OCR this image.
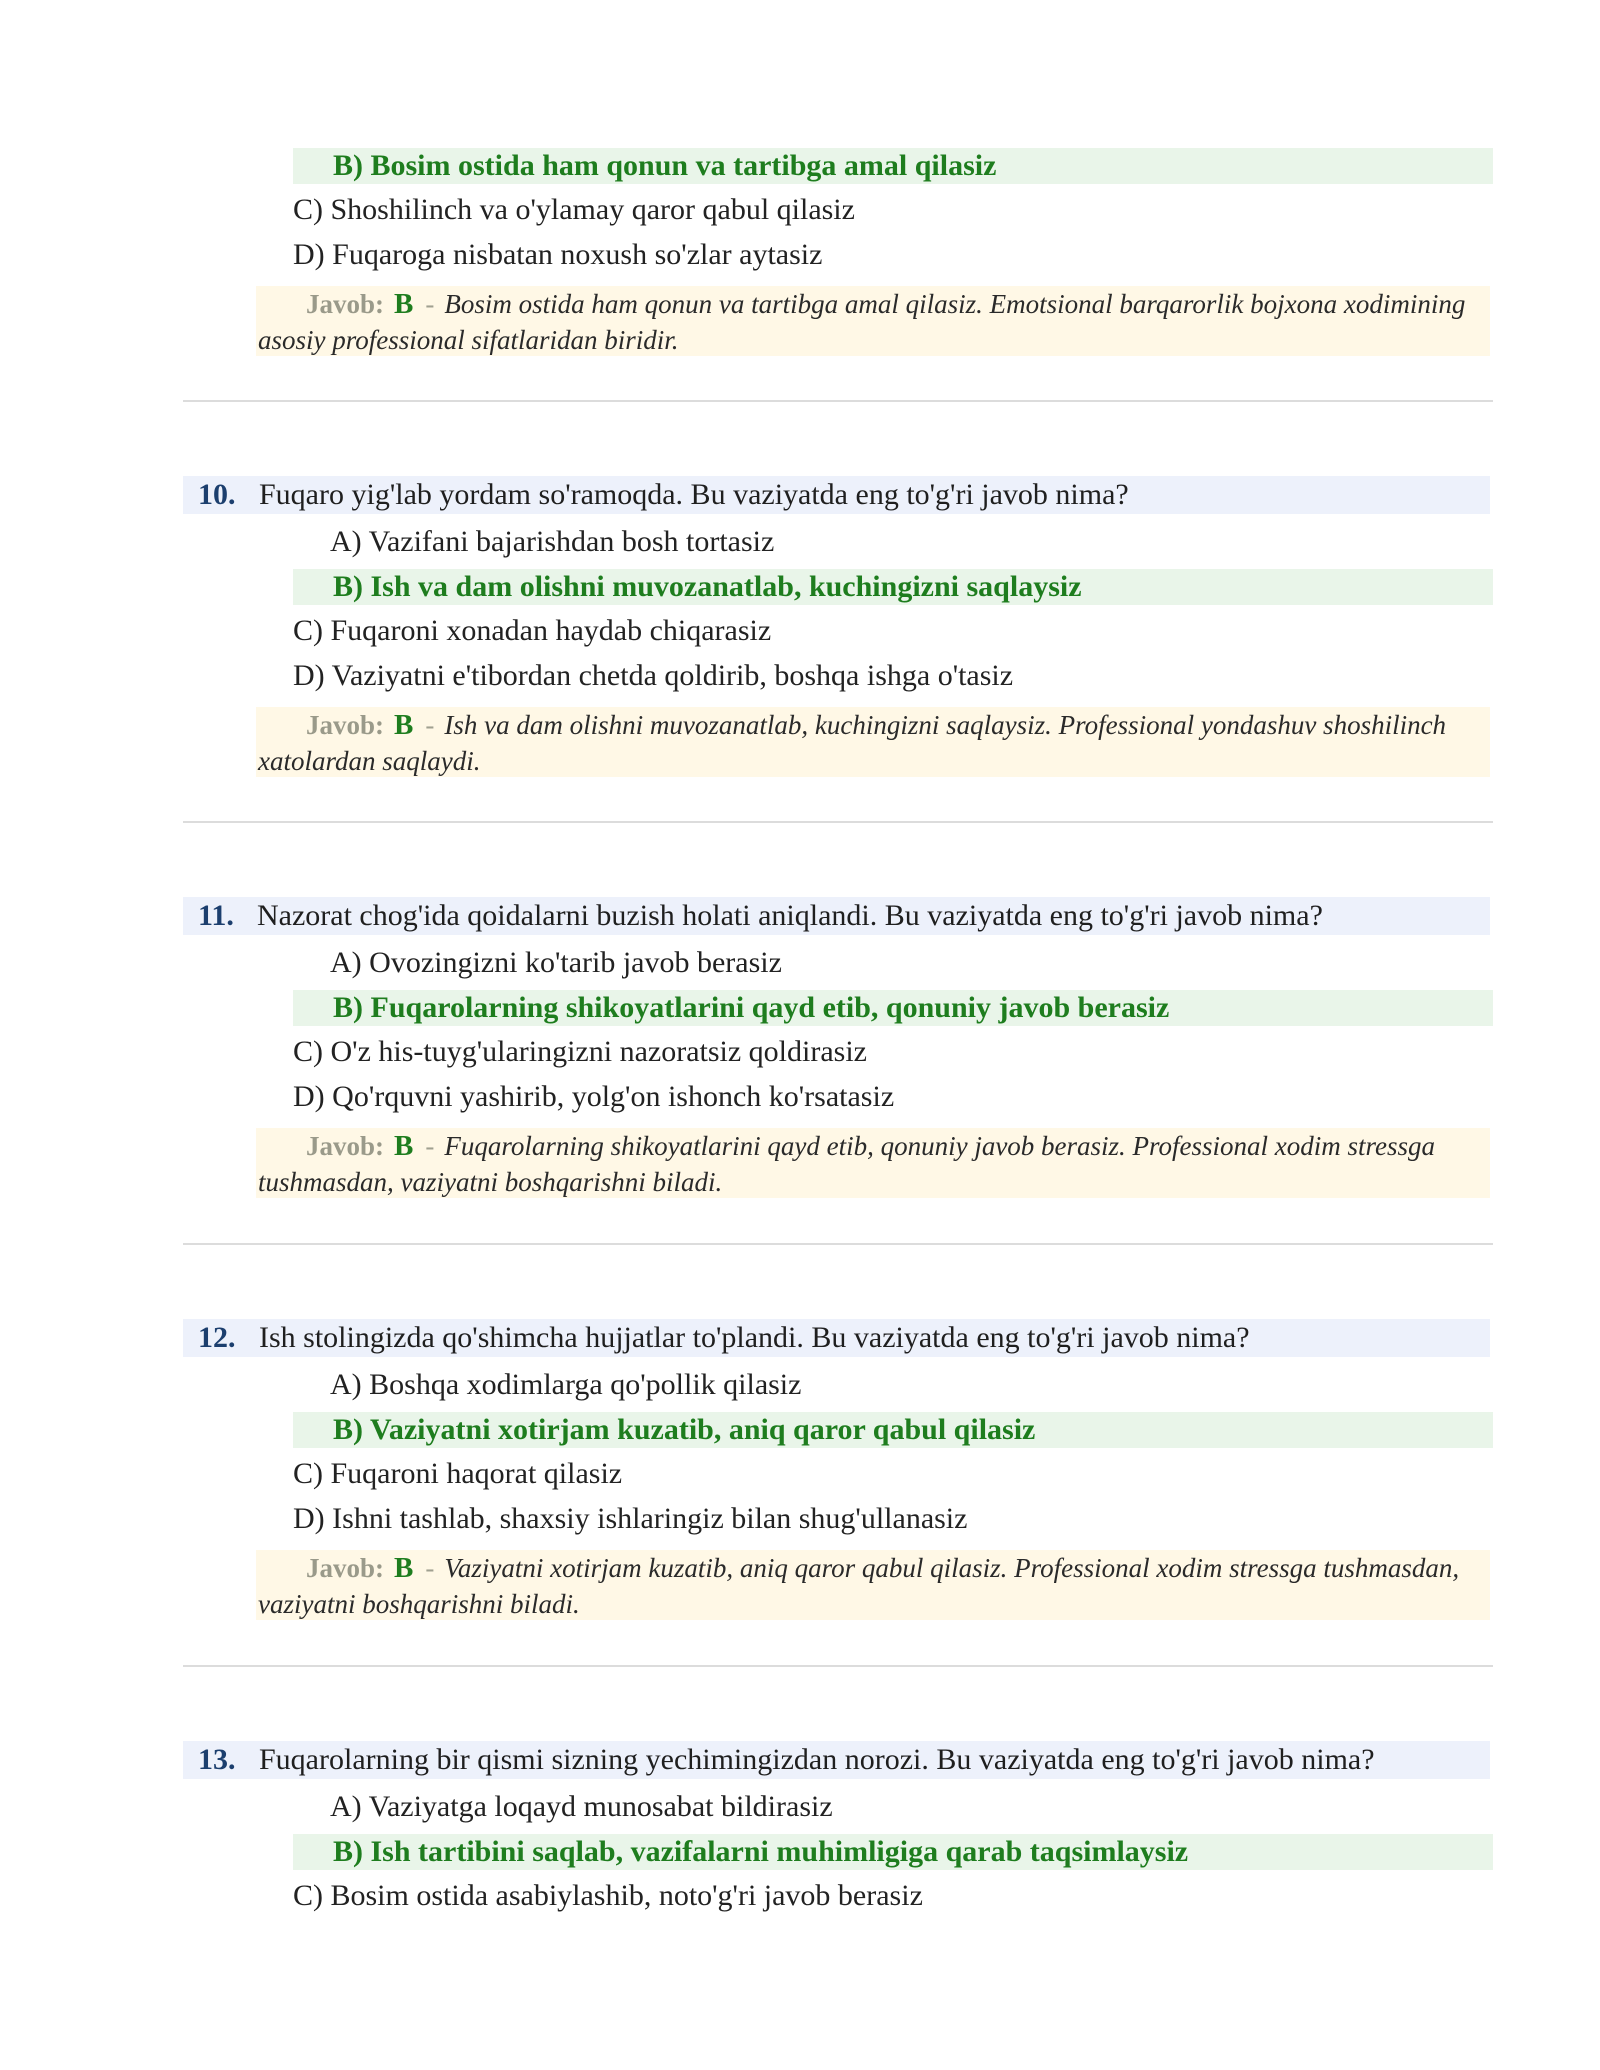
B) Bosim ostida ham qonun va tartibga amal qilasiz
C) Shoshilinch va o'ylamay qaror qabul qilasiz
D) Fuqaroga nisbatan noxush so'zlar aytasiz
Javob: B - Bosim ostida ham qonun va tartibga amal qilasiz. Emotsional barqarorlik bojxona xodimining asosiy professional sifatlaridan biridir.
10. Fuqaro yig'lab yordam so'ramoqda. Bu vaziyatda eng to'g'ri javob nima?
A) Vazifani bajarishdan bosh tortasiz
B) Ish va dam olishni muvozanatlab, kuchingizni saqlaysiz
C) Fuqaroni xonadan haydab chiqarasiz
D) Vaziyatni e'tibordan chetda qoldirib, boshqa ishga o'tasiz
Javob: B - Ish va dam olishni muvozanatlab, kuchingizni saqlaysiz. Professional yondashuv shoshilinch xatolardan saqlaydi.
11. Nazorat chog'ida qoidalarni buzish holati aniqlandi. Bu vaziyatda eng to'g'ri javob nima?
A) Ovozingizni ko'tarib javob berasiz
B) Fuqarolarning shikoyatlarini qayd etib, qonuniy javob berasiz
C) O'z his-tuyg'ularingizni nazoratsiz qoldirasiz
D) Qo'rquvni yashirib, yolg'on ishonch ko'rsatasiz
Javob: B - Fuqarolarning shikoyatlarini qayd etib, qonuniy javob berasiz. Professional xodim stressga tushmasdan, vaziyatni boshqarishni biladi.
12. Ish stolingizda qo'shimcha hujjatlar to'plandi. Bu vaziyatda eng to'g'ri javob nima?
A) Boshqa xodimlarga qo'pollik qilasiz
B) Vaziyatni xotirjam kuzatib, aniq qaror qabul qilasiz
C) Fuqaroni haqorat qilasiz
D) Ishni tashlab, shaxsiy ishlaringiz bilan shug'ullanasiz
Javob: B - Vaziyatni xotirjam kuzatib, aniq qaror qabul qilasiz. Professional xodim stressga tushmasdan, vaziyatni boshqarishni biladi.
13. Fuqarolarning bir qismi sizning yechimingizdan norozi. Bu vaziyatda eng to'g'ri javob nima?
A) Vaziyatga loqayd munosabat bildirasiz
B) Ish tartibini saqlab, vazifalarni muhimligiga qarab taqsimlaysiz
C) Bosim ostida asabiylashib, noto'g'ri javob berasiz
